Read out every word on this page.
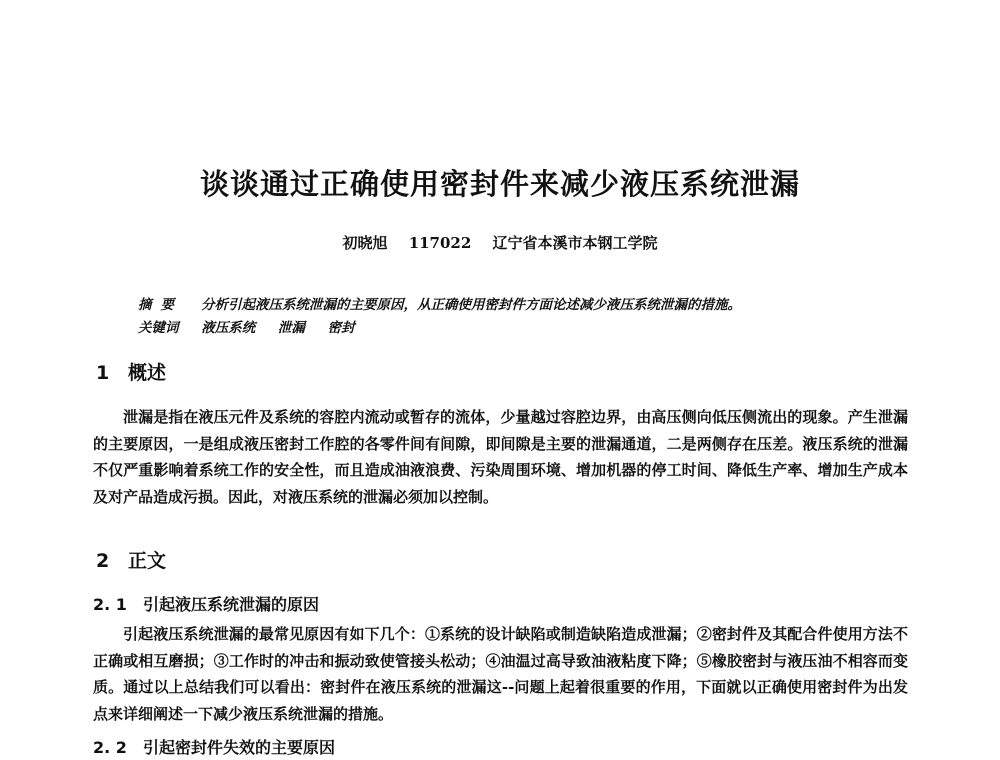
谈谈通过正确使用密封件来减少液压系统泄漏
初晓旭 117022 辽宁省本溪市本钢工学院
摘要 分析引起液压系统泄漏的主要原因，从正确使用密封件方面论述减少液压系统泄漏的措施。
关键词 液压系统 泄漏 密封
1 概述

泄漏是指在液压元件及系统的容腔内流动或暂存的流体，少量越过容腔边界，由高压侧向低压侧流出的现象。产生泄漏的主要原因，一是组成液压密封工作腔的各零件间有间隙，即间隙是主要的泄漏通道，二是两侧存在压差。液压系统的泄漏不仅严重影响着系统工作的安全性，而且造成油液浪费、污染周围环境、增加机器的停工时间、降低生产率、增加生产成本及对产品造成污损。因此，对液压系统的泄漏必须加以控制。

2 正文
2. 1 引起液压系统泄漏的原因

引起液压系统泄漏的最常见原因有如下几个：①系统的设计缺陷或制造缺陷造成泄漏；②密封件及其配合件使用方法不正确或相互磨损；③工作时的冲击和振动致使管接头松动；④油温过高导致油液粘度下降；⑤橡胶密封与液压油不相容而变质。通过以上总结我们可以看出：密封件在液压系统的泄漏这--问题上起着很重要的作用，下面就以正确使用密封件为出发点来详细阐述一下减少液压系统泄漏的措施。

2. 2 引起密封件失效的主要原因
